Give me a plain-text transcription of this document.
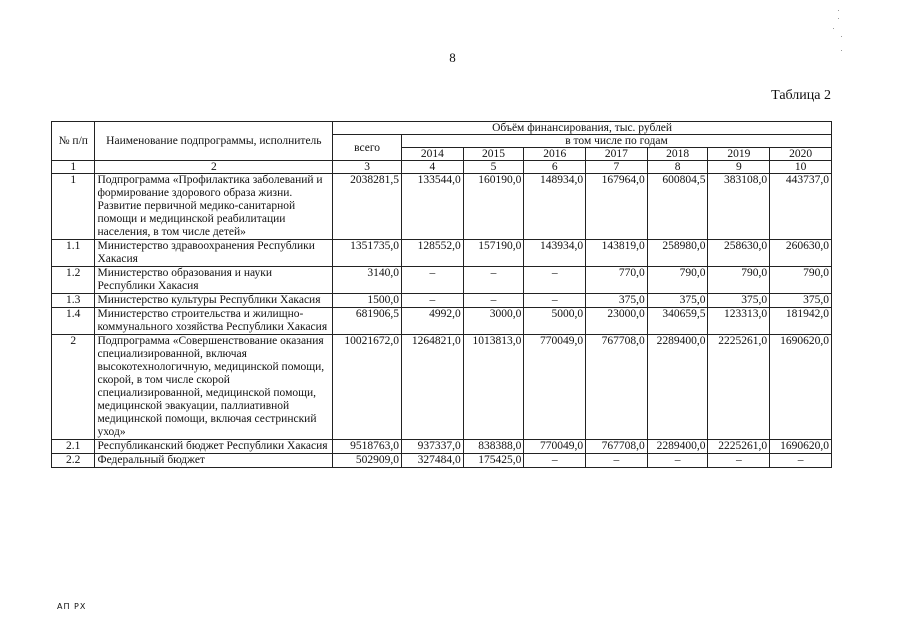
8
Таблица 2
№ п/п	Наименование подпрограммы, исполнитель	Объём финансирования, тыс. рублей							
		всего	в том числе по годам						
			2014	2015	2016	2017	2018	2019	2020
1	2	3	4	5	6	7	8	9	10
1	Подпрограмма «Профилактика заболеваний и формирование здорового образа жизни. Развитие первичной медико-санитарной помощи и медицинской реабилитации населения, в том числе детей»	2038281,5	133544,0	160190,0	148934,0	167964,0	600804,5	383108,0	443737,0
1.1	Министерство здравоохранения Республики Хакасия	1351735,0	128552,0	157190,0	143934,0	143819,0	258980,0	258630,0	260630,0
1.2	Министерство образования и науки Республики Хакасия	3140,0	–	–	–	770,0	790,0	790,0	790,0
1.3	Министерство культуры Республики Хакасия	1500,0	–	–	–	375,0	375,0	375,0	375,0
1.4	Министерство строительства и жилищно-коммунального хозяйства Республики Хакасия	681906,5	4992,0	3000,0	5000,0	23000,0	340659,5	123313,0	181942,0
2	Подпрограмма «Совершенствование оказания специализированной, включая высокотехнологичную, медицинской помощи, скорой, в том числе скорой специализированной, медицинской помощи, медицинской эвакуации, паллиативной медицинской помощи, включая сестринский уход»	10021672,0	1264821,0	1013813,0	770049,0	767708,0	2289400,0	2225261,0	1690620,0
2.1	Республиканский бюджет Республики Хакасия	9518763,0	937337,0	838388,0	770049,0	767708,0	2289400,0	2225261,0	1690620,0
2.2	Федеральный бюджет	502909,0	327484,0	175425,0	–	–	–	–	–
АП РХ
